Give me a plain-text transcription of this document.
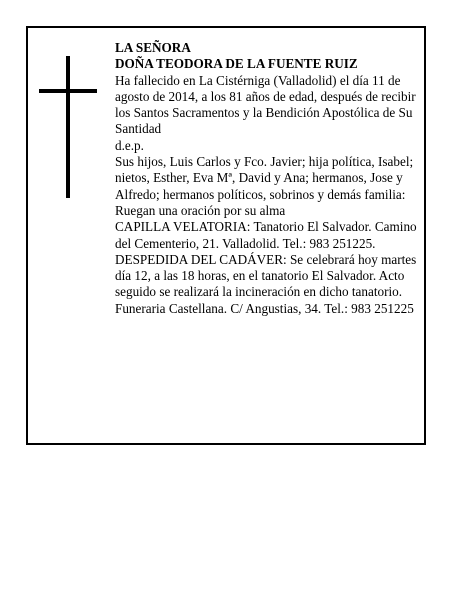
LA SEÑORA

DOÑA TEODORA DE LA FUENTE RUIZ

Ha fallecido en La Cistérniga (Valladolid) el día 11 de agosto de 2014, a los 81 años de edad, después de recibir los Santos Sacramentos y la Bendición Apostólica de Su Santidad

d.e.p.

Sus hijos, Luis Carlos y Fco. Javier; hija política, Isabel; nietos, Esther, Eva Mª, David y Ana; hermanos, Jose y Alfredo; hermanos políticos, sobrinos y demás familia:

Ruegan una oración por su alma

CAPILLA VELATORIA: Tanatorio El Salvador. Camino del Cementerio, 21. Valladolid. Tel.: 983 251225.

DESPEDIDA DEL CADÁVER: Se celebrará hoy martes día 12, a las 18 horas, en el tanatorio El Salvador. Acto seguido se realizará la incineración en dicho tanatorio.

Funeraria Castellana. C/ Angustias, 34. Tel.: 983 251225
